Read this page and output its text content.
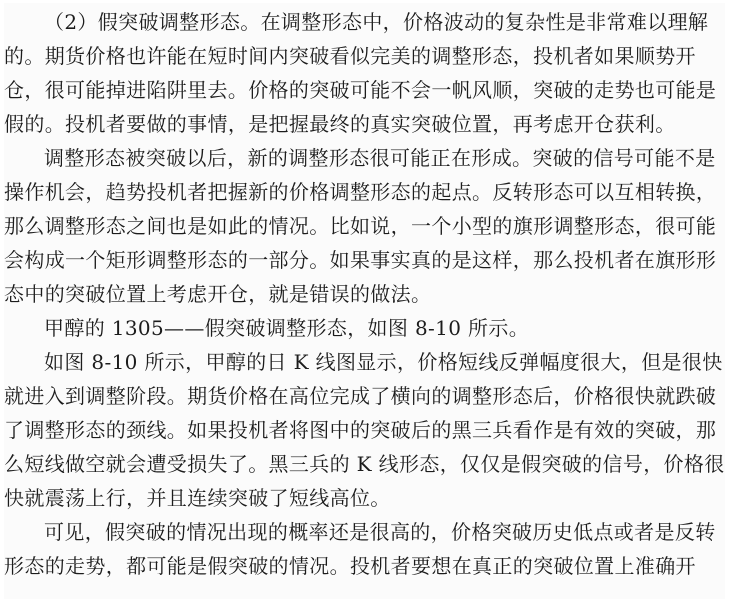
（2）假突破调整形态。在调整形态中，价格波动的复杂性是非常难以理解
的。期货价格也许能在短时间内突破看似完美的调整形态，投机者如果顺势开
仓，很可能掉进陷阱里去。价格的突破可能不会一帆风顺，突破的走势也可能是
假的。投机者要做的事情，是把握最终的真实突破位置，再考虑开仓获利。
调整形态被突破以后，新的调整形态很可能正在形成。突破的信号可能不是
操作机会，趋势投机者把握新的价格调整形态的起点。反转形态可以互相转换，
那么调整形态之间也是如此的情况。比如说，一个小型的旗形调整形态，很可能
会构成一个矩形调整形态的一部分。如果事实真的是这样，那么投机者在旗形形
态中的突破位置上考虑开仓，就是错误的做法。
甲醇的 1305——假突破调整形态，如图 8-10 所示。
如图 8-10 所示，甲醇的日 K 线图显示，价格短线反弹幅度很大，但是很快
就进入到调整阶段。期货价格在高位完成了横向的调整形态后，价格很快就跌破
了调整形态的颈线。如果投机者将图中的突破后的黑三兵看作是有效的突破，那
么短线做空就会遭受损失了。黑三兵的 K 线形态，仅仅是假突破的信号，价格很
快就震荡上行，并且连续突破了短线高位。
可见，假突破的情况出现的概率还是很高的，价格突破历史低点或者是反转
形态的走势，都可能是假突破的情况。投机者要想在真正的突破位置上准确开
